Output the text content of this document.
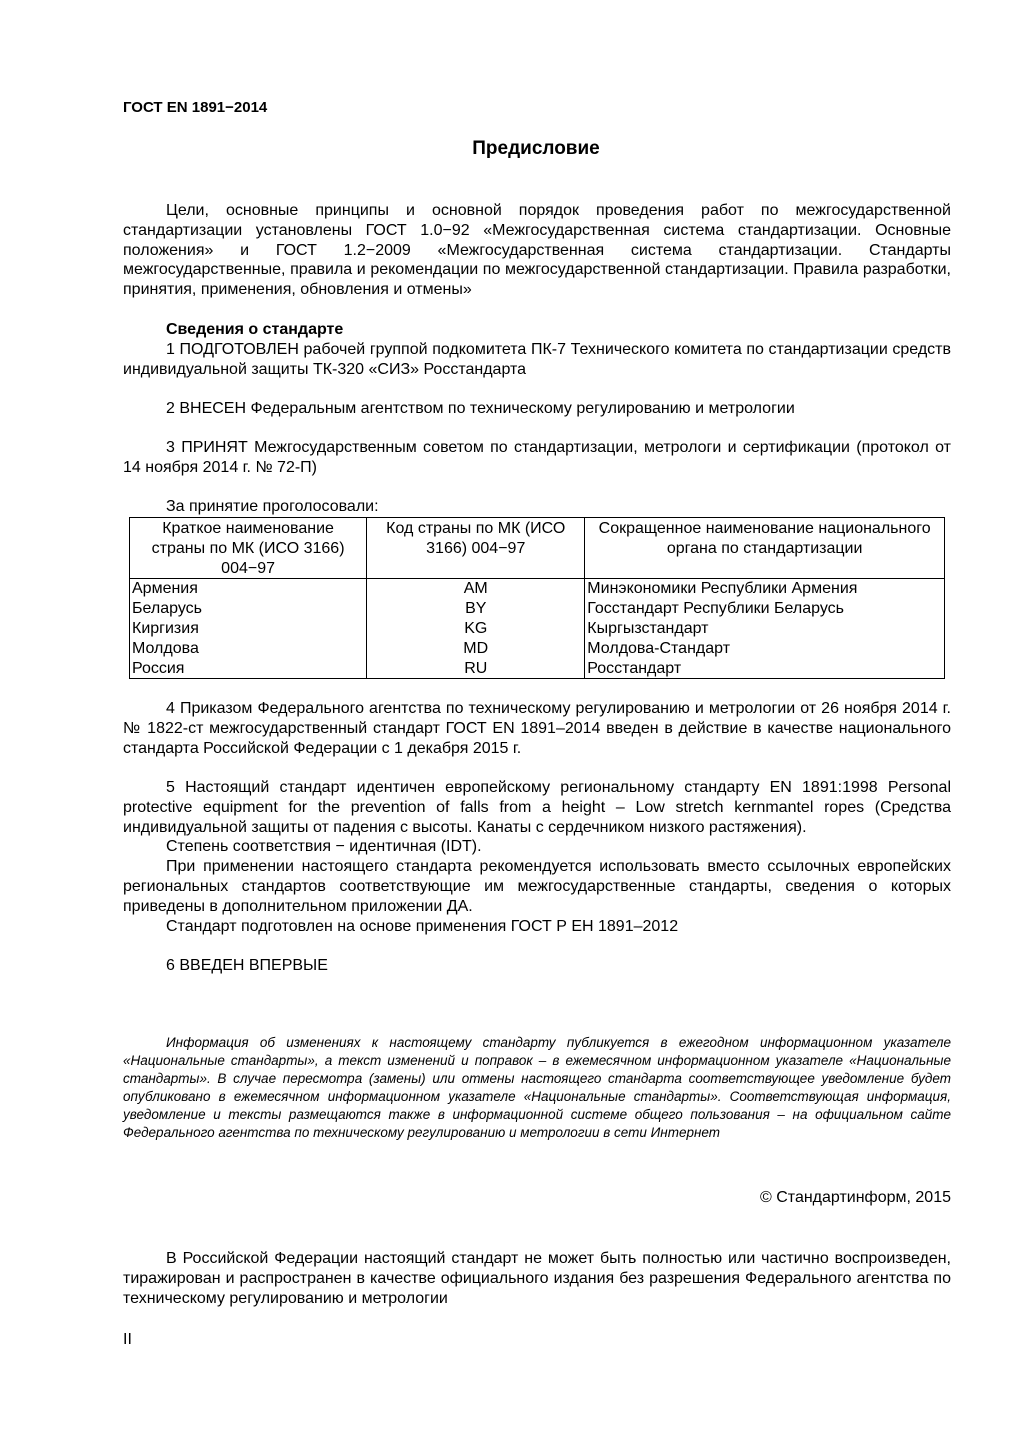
ГОСТ EN 1891−2014
Предисловие

Цели, основные принципы и основной порядок проведения работ по межгосударственной стандартизации установлены ГОСТ 1.0−92 «Межгосударственная система стандартизации. Основные положения» и ГОСТ 1.2−2009 «Межгосударственная система стандартизации. Стандарты межгосударственные, правила и рекомендации по межгосударственной стандартизации. Правила разработки, принятия, применения, обновления и отмены»

Сведения о стандарте

1 ПОДГОТОВЛЕН рабочей группой подкомитета ПК-7 Технического комитета по стандартизации средств индивидуальной защиты ТК-320 «СИЗ» Росстандарта

2 ВНЕСЕН Федеральным агентством по техническому регулированию и метрологии

3 ПРИНЯТ Межгосударственным советом по стандартизации, метрологи и сертификации (протокол от 14 ноября 2014 г. № 72-П)

За принятие проголосовали:

Краткое наименование страны по МК (ИСО 3166) 004−97	Код страны по МК (ИСО 3166) 004−97	Сокращенное наименование национального органа по стандартизации
Армения	AM	Минэкономики Республики Армения
Беларусь	BY	Госстандарт Республики Беларусь
Киргизия	KG	Кыргызстандарт
Молдова	MD	Молдова-Стандарт
Россия	RU	Росстандарт

4 Приказом Федерального агентства по техническому регулированию и метрологии от 26 ноября 2014 г. № 1822-ст межгосударственный стандарт ГОСТ EN 1891–2014 введен в действие в качестве национального стандарта Российской Федерации с 1 декабря 2015 г.

5 Настоящий стандарт идентичен европейскому региональному стандарту EN 1891:1998 Personal protective equipment for the prevention of falls from a height – Low stretch kernmantel ropes (Средства индивидуальной защиты от падения с высоты. Канаты с сердечником низкого растяжения).

Степень соответствия − идентичная (IDT).

При применении настоящего стандарта рекомендуется использовать вместо ссылочных европейских региональных стандартов соответствующие им межгосударственные стандарты, сведения о которых приведены в дополнительном приложении ДА.

Стандарт подготовлен на основе применения ГОСТ Р ЕН 1891–2012

6 ВВЕДЕН ВПЕРВЫЕ

Информация об изменениях к настоящему стандарту публикуется в ежегодном информационном указателе «Национальные стандарты», а текст изменений и поправок – в ежемесячном информационном указателе «Национальные стандарты». В случае пересмотра (замены) или отмены настоящего стандарта соответствующее уведомление будет опубликовано в ежемесячном информационном указателе «Национальные стандарты». Соответствующая информация, уведомление и тексты размещаются также в информационной системе общего пользования – на официальном сайте Федерального агентства по техническому регулированию и метрологии в сети Интернет

© Стандартинформ, 2015

В Российской Федерации настоящий стандарт не может быть полностью или частично воспроизведен, тиражирован и распространен в качестве официального издания без разрешения Федерального агентства по техническому регулированию и метрологии

II
